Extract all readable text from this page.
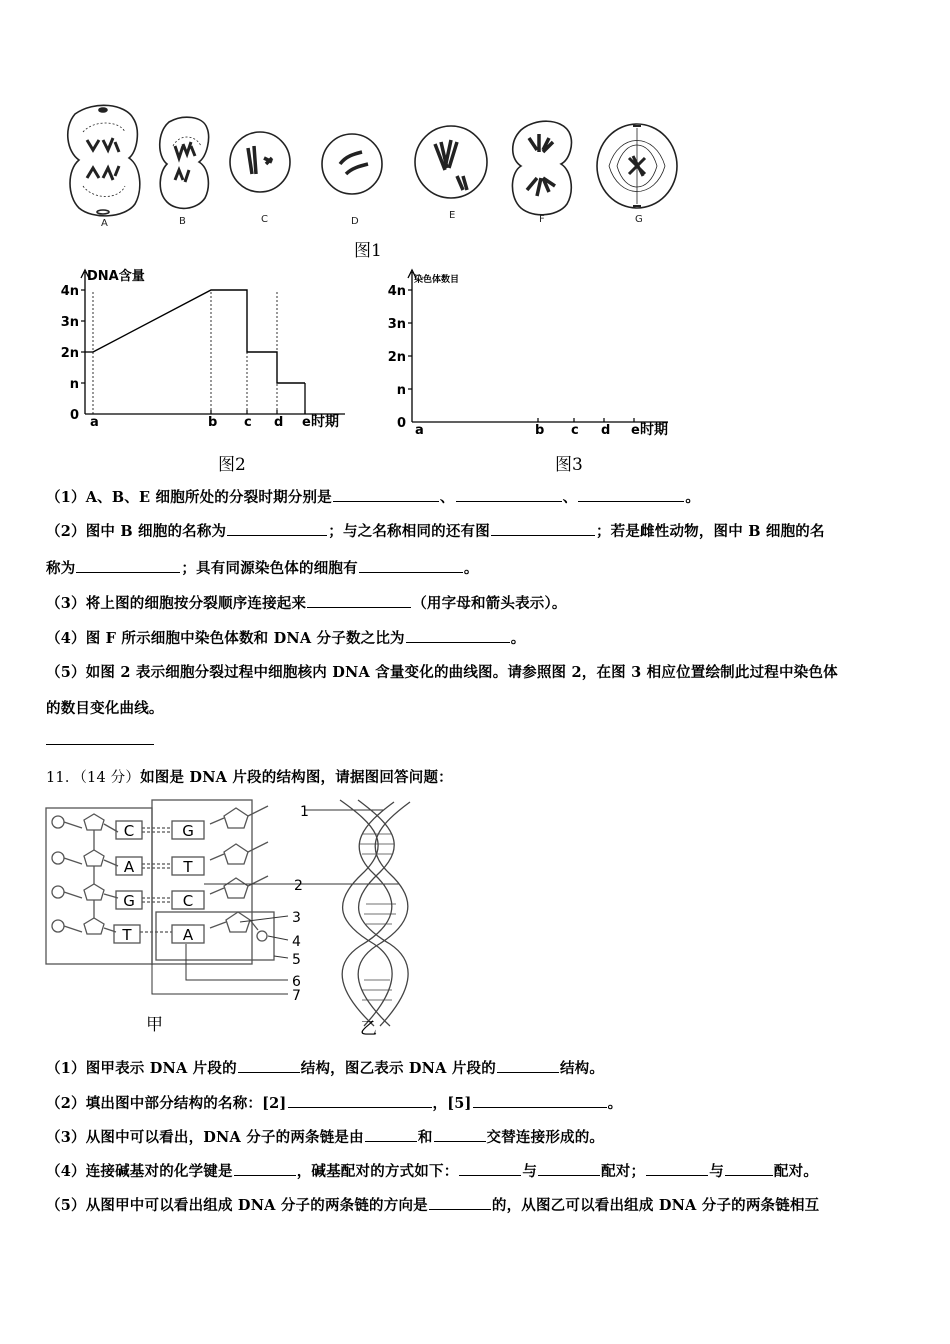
A	B	C	D
E	F	G
图1
4n
3n
2n
n
0 a	b c d e 时期
DNA含量
图2
4n
3n
2n
n
0 a	b c d e 时期
染色体数目
图3
（1）A、B、E 细胞所处的分裂时期分别是	、	、	。
（2）图中 B 细胞的名称为	；与之名称相同的还有图	；若是雌性动物，图中 B 细胞的名
称为	；具有同源染色体的细胞有	。
（3）将上图的细胞按分裂顺序连接起来	（用字母和箭头表示）。
（4）图 F 所示细胞中染色体数和 DNA 分子数之比为	。
（5）如图 2 表示细胞分裂过程中细胞核内 DNA 含量变化的曲线图。请参照图 2，在图 3 相应位置绘制此过程中染色体
的数目变化曲线。
11．（14 分）如图是 DNA 片段的结构图，请据图回答问题：
C
A
G
T
G
T
C
A
1
2
3
4
5
6
7
甲	乙
（1）图甲表示 DNA 片段的	结构，图乙表示 DNA 片段的	结构。
（2）填出图中部分结构的名称：[2]	，[5]	。
（3）从图中可以看出，DNA 分子的两条链是由	和	交替连接形成的。
（4）连接碱基对的化学键是	，碱基配对的方式如下：	与	配对；	与	配对。
（5）从图甲中可以看出组成 DNA 分子的两条链的方向是	的，从图乙可以看出组成 DNA 分子的两条链相互
